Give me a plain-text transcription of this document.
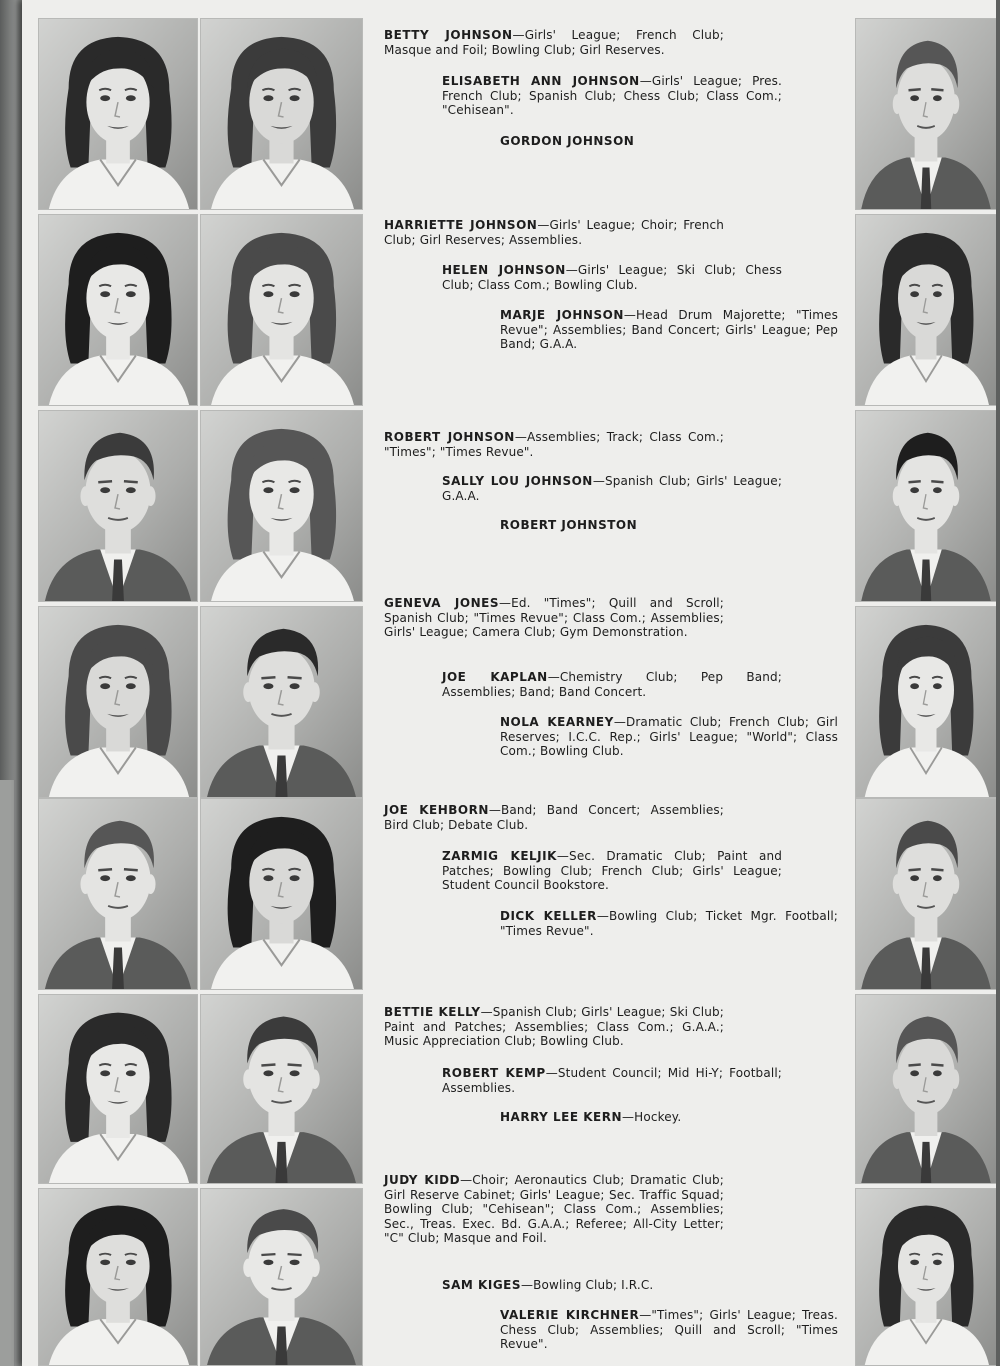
BETTY JOHNSON—Girls' League; French Club; Masque and Foil; Bowling Club; Girl Reserves.
ELISABETH ANN JOHNSON—Girls' League; Pres. French Club; Spanish Club; Chess Club; Class Com.; "Cehisean".
GORDON JOHNSON
HARRIETTE JOHNSON—Girls' League; Choir; French Club; Girl Reserves; Assemblies.
HELEN JOHNSON—Girls' League; Ski Club; Chess Club; Class Com.; Bowling Club.
MARJE JOHNSON—Head Drum Majorette; "Times Revue"; Assemblies; Band Concert; Girls' League; Pep Band; G.A.A.
ROBERT JOHNSON—Assemblies; Track; Class Com.; "Times"; "Times Revue".
SALLY LOU JOHNSON—Spanish Club; Girls' League; G.A.A.
ROBERT JOHNSTON
GENEVA JONES—Ed. "Times"; Quill and Scroll; Spanish Club; "Times Revue"; Class Com.; Assemblies; Girls' League; Camera Club; Gym Demonstration.
JOE KAPLAN—Chemistry Club; Pep Band; Assemblies; Band; Band Concert.
NOLA KEARNEY—Dramatic Club; French Club; Girl Reserves; I.C.C. Rep.; Girls' League; "World"; Class Com.; Bowling Club.
JOE KEHBORN—Band; Band Concert; Assemblies; Bird Club; Debate Club.
ZARMIG KELJIK—Sec. Dramatic Club; Paint and Patches; Bowling Club; French Club; Girls' League; Student Council Bookstore.
DICK KELLER—Bowling Club; Ticket Mgr. Football; "Times Revue".
BETTIE KELLY—Spanish Club; Girls' League; Ski Club; Paint and Patches; Assemblies; Class Com.; G.A.A.; Music Appreciation Club; Bowling Club.
ROBERT KEMP—Student Council; Mid Hi-Y; Football; Assemblies.
HARRY LEE KERN—Hockey.
JUDY KIDD—Choir; Aeronautics Club; Dramatic Club; Girl Reserve Cabinet; Girls' League; Sec. Traffic Squad; Bowling Club; "Cehisean"; Class Com.; Assemblies; Sec., Treas. Exec. Bd. G.A.A.; Referee; All-City Letter; "C" Club; Masque and Foil.
SAM KIGES—Bowling Club; I.R.C.
VALERIE KIRCHNER—"Times"; Girls' League; Treas. Chess Club; Assemblies; Quill and Scroll; "Times Revue".
